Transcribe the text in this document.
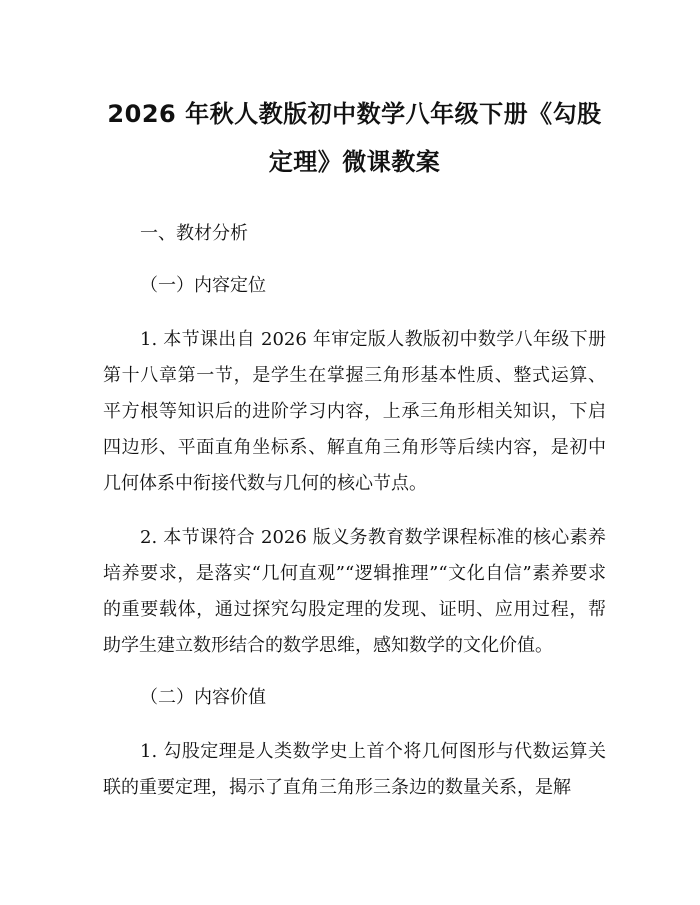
2026 年秋人教版初中数学八年级下册《勾股定理》微课教案

一、教材分析

（一）内容定位

1. 本节课出自 2026 年审定版人教版初中数学八年级下册第十八章第一节，是学生在掌握三角形基本性质、整式运算、平方根等知识后的进阶学习内容，上承三角形相关知识，下启四边形、平面直角坐标系、解直角三角形等后续内容，是初中几何体系中衔接代数与几何的核心节点。

2. 本节课符合 2026 版义务教育数学课程标准的核心素养培养要求，是落实“几何直观”“逻辑推理”“文化自信”素养要求的重要载体，通过探究勾股定理的发现、证明、应用过程，帮助学生建立数形结合的数学思维，感知数学的文化价值。

（二）内容价值

1. 勾股定理是人类数学史上首个将几何图形与代数运算关联的重要定理，揭示了直角三角形三条边的数量关系，是解
